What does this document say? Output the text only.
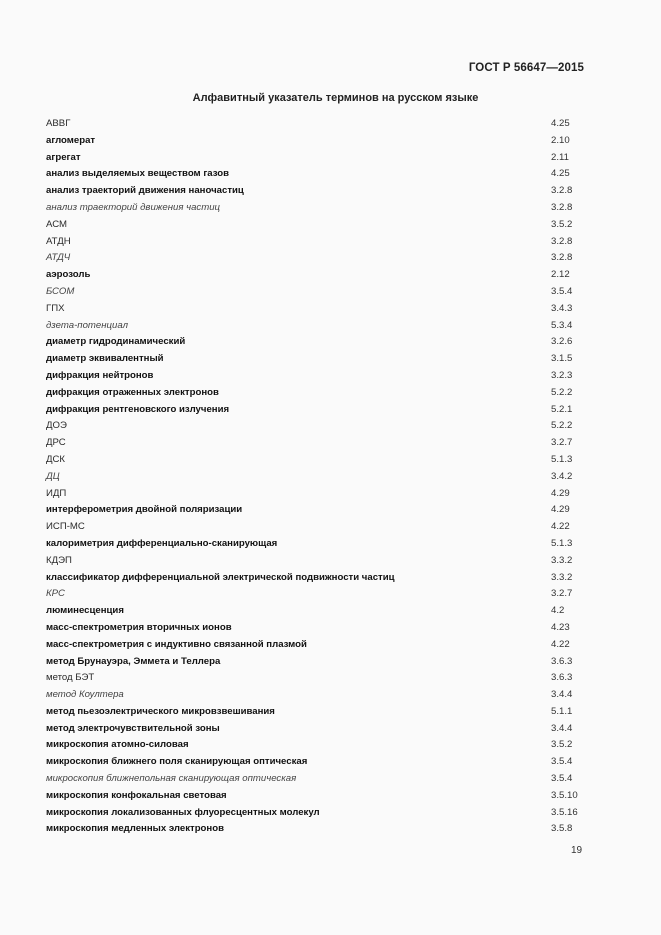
ГОСТ Р 56647—2015
Алфавитный указатель терминов на русском языке
АВВГ	4.25
агломерат	2.10
агрегат	2.11
анализ выделяемых веществом газов	4.25
анализ траекторий движения наночастиц	3.2.8
анализ траекторий движения частиц	3.2.8
АСМ	3.5.2
АТДН	3.2.8
АТДЧ	3.2.8
аэрозоль	2.12
БСОМ	3.5.4
ГПХ	3.4.3
дзета-потенциал	5.3.4
диаметр гидродинамический	3.2.6
диаметр эквивалентный	3.1.5
дифракция нейтронов	3.2.3
дифракция отраженных электронов	5.2.2
дифракция рентгеновского излучения	5.2.1
ДОЭ	5.2.2
ДРС	3.2.7
ДСК	5.1.3
ДЦ	3.4.2
ИДП	4.29
интерферометрия двойной поляризации	4.29
ИСП-МС	4.22
калориметрия дифференциально-сканирующая	5.1.3
КДЭП	3.3.2
классификатор дифференциальной электрической подвижности частиц	3.3.2
КРС	3.2.7
люминесценция	4.2
масс-спектрометрия вторичных ионов	4.23
масс-спектрометрия с индуктивно связанной плазмой	4.22
метод Брунауэра, Эммета и Теллера	3.6.3
метод БЭТ	3.6.3
метод Коултера	3.4.4
метод пьезоэлектрического микровзвешивания	5.1.1
метод электрочувствительной зоны	3.4.4
микроскопия атомно-силовая	3.5.2
микроскопия ближнего поля сканирующая оптическая	3.5.4
микроскопия ближнепольная сканирующая оптическая	3.5.4
микроскопия конфокальная световая	3.5.10
микроскопия локализованных флуоресцентных молекул	3.5.16
микроскопия медленных электронов	3.5.8
19
